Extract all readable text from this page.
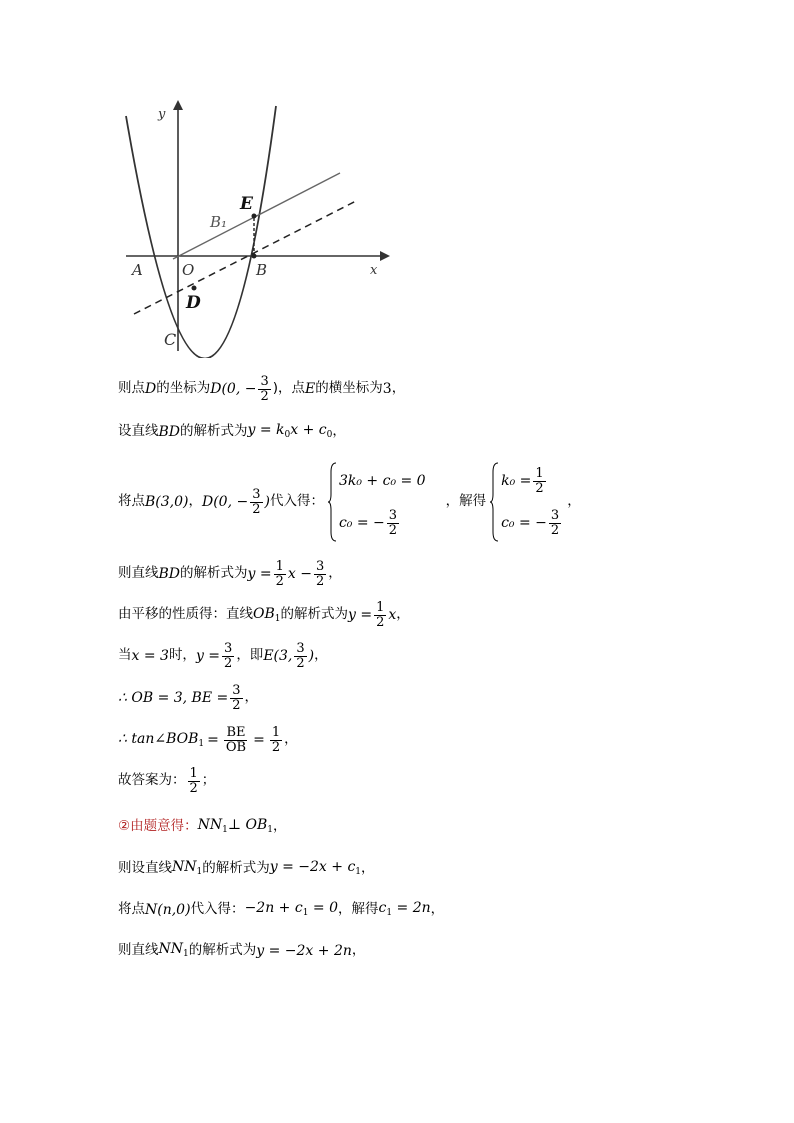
y
x
A	O	B
B₁
C
D
E
则点 D 的坐标为 D(0, − $\frac{3}{2}$ )，点 E 的横坐标为 3 ，
设直线 BD 的解析式为 $y = k_0x + c_0$ ，
将点 B(3,0) ， D(0, − $\frac{3}{2}$ ) 代入得：
3k₀ + c₀ = 0
c₀ = − $\frac{3}{2}$
，解得
$k_0 = \frac{1}{2}$
c₀ = − $\frac{3}{2}$
，
则直线 BD 的解析式为 $y = \frac{1}{2}$ $x - \frac{3}{2}$ ，
由平移的性质得：直线 $OB_1$ 的解析式为 $y = \frac{1}{2}$ x ，
当 x = 3 时， $y = \frac{3}{2}$ ，即 E(3, $\frac{3}{2}$ ) ，
∴ OB = 3, BE = $\frac{3}{2}$ ，
∴ $\tan\angle BOB_1 = \frac{BE}{OB} = \frac{1}{2}$ ，
故答案为： $\frac{1}{2}$ ；
②由题意得： $NN_1$ ⊥ $OB_1$ ，
则设直线 $NN_1$ 的解析式为 $y = -2x + c_1$ ，
将点 N(n,0) 代入得： $-2n + c_1 = 0$ ，解得 $c_1 = 2n$ ，
则直线 $NN_1$ 的解析式为 y = −2x + 2n ，
